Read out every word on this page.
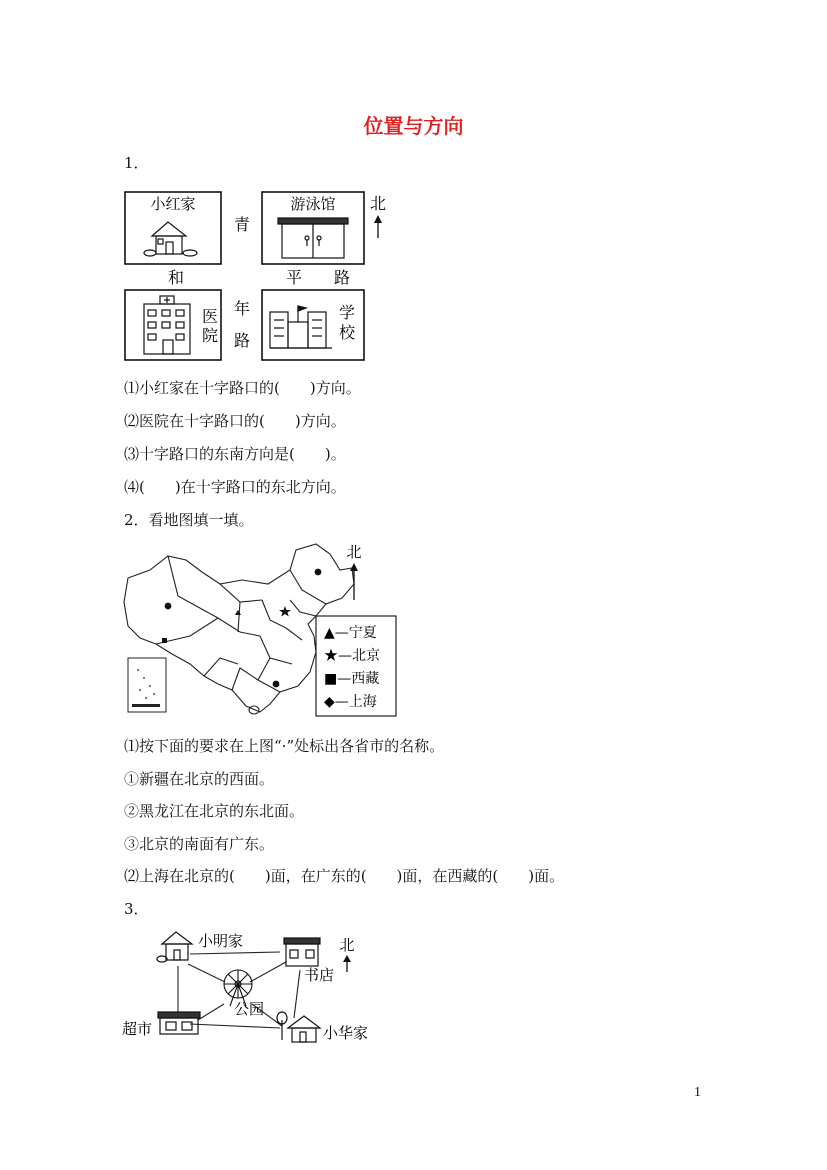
位置与方向
1．
小红家	游泳馆
青
年
路
和	平 路
北
医
院
学
校
⑴小红家在十字路口的(　　)方向。
⑵医院在十字路口的(　　)方向。
⑶十字路口的东南方向是(　　)。
⑷(　　)在十字路口的东北方向。
2．看地图填一填。
北
▲—宁夏
★—北京
■—西藏
◆—上海
⑴按下面的要求在上图“·”处标出各省市的名称。
①新疆在北京的西面。
②黑龙江在北京的东北面。
③北京的南面有广东。
⑵上海在北京的(　　)面，在广东的(　　)面，在西藏的(　　)面。
3．
小明家
书店
北
公园
超市	小华家
1
